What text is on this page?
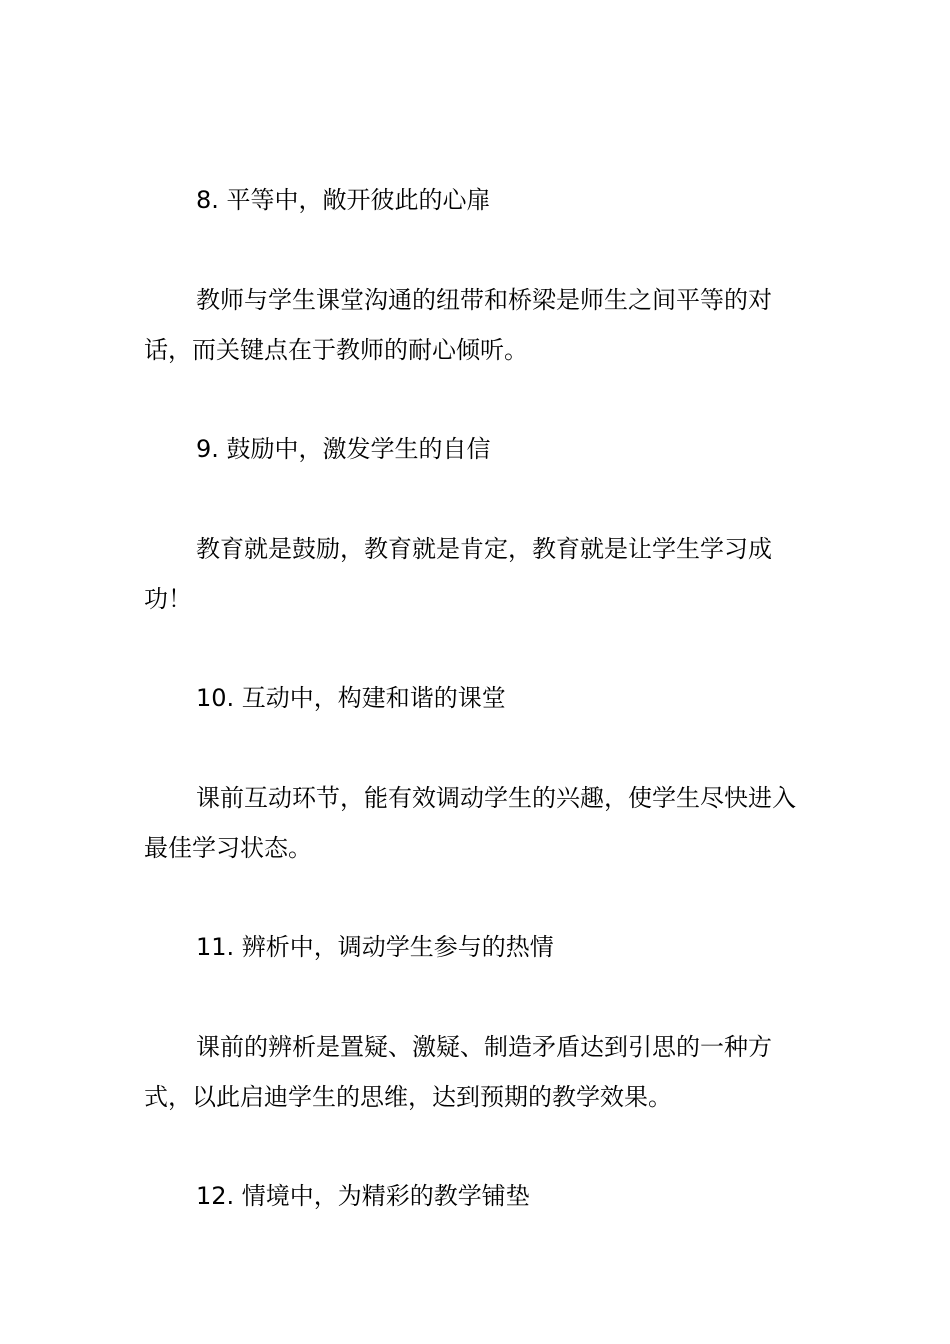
8. 平等中，敞开彼此的心扉

教师与学生课堂沟通的纽带和桥梁是师生之间平等的对话，而关键点在于教师的耐心倾听。

9. 鼓励中，激发学生的自信

教育就是鼓励，教育就是肯定，教育就是让学生学习成功！

10. 互动中，构建和谐的课堂

课前互动环节，能有效调动学生的兴趣，使学生尽快进入最佳学习状态。

11. 辨析中，调动学生参与的热情

课前的辨析是置疑、激疑、制造矛盾达到引思的一种方式，以此启迪学生的思维，达到预期的教学效果。

12. 情境中，为精彩的教学铺垫
